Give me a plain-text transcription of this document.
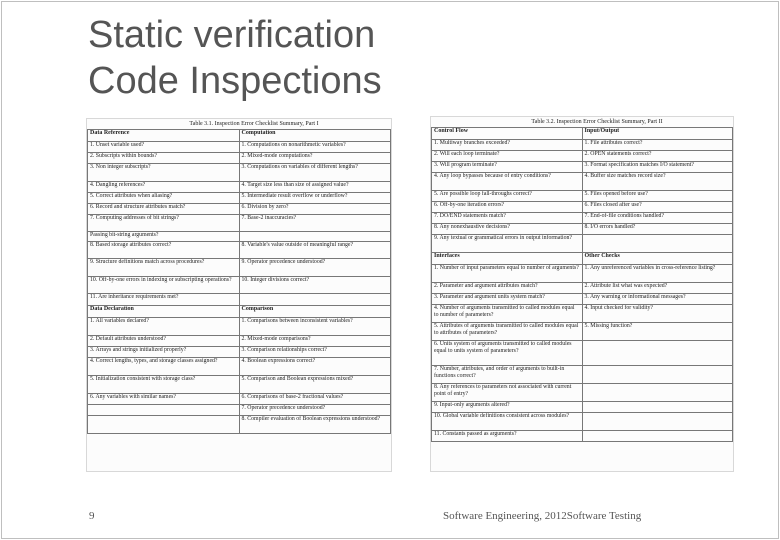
Static verification
Code Inspections
Table 3.1. Inspection Error Checklist Summary, Part I
Data Reference	Computation
1. Unset variable used?	1. Computations on nonarithmetic variables?
2. Subscripts within bounds?	2. Mixed-mode computations?
3. Non integer subscripts?	3. Computations on variables of different lengths?
4. Dangling references?	4. Target size less than size of assigned value?
5. Correct attributes when aliasing?	5. Intermediate result overflow or underflow?
6. Record and structure attributes match?	6. Division by zero?
7. Computing addresses of bit strings?	7. Base-2 inaccuracies?
Passing bit-string arguments?	
8. Based storage attributes correct?	8. Variable's value outside of meaningful range?
9. Structure definitions match across procedures?	9. Operator precedence understood?
10. Off-by-one errors in indexing or subscripting operations?	10. Integer divisions correct?
11. Are inheritance requirements met?	
Data Declaration	Comparison
1. All variables declared?	1. Comparisons between inconsistent variables?
2. Default attributes understood?	2. Mixed-mode comparisons?
3. Arrays and strings initialized properly?	3. Comparison relationships correct?
4. Correct lengths, types, and storage classes assigned?	4. Boolean expressions correct?
5. Initialization consistent with storage class?	5. Comparison and Boolean expressions mixed?
6. Any variables with similar names?	6. Comparisons of base-2 fractional values?
	7. Operator precedence understood?
	8. Compiler evaluation of Boolean expressions understood?
Table 3.2. Inspection Error Checklist Summary, Part II
Control Flow	Input/Output
1. Multiway branches exceeded?	1. File attributes correct?
2. Will each loop terminate?	2. OPEN statements correct?
3. Will program terminate?	3. Format specification matches I/O statement?
4. Any loop bypasses because of entry conditions?	4. Buffer size matches record size?
5. Are possible loop fall-throughs correct?	5. Files opened before use?
6. Off-by-one iteration errors?	6. Files closed after use?
7. DO/END statements match?	7. End-of-file conditions handled?
8. Any nonexhaustive decisions?	8. I/O errors handled?
9. Any textual or grammatical errors in output information?	
Interfaces	Other Checks
1. Number of input parameters equal to number of arguments?	1. Any unreferenced variables in cross-reference listing?
2. Parameter and argument attributes match?	2. Attribute list what was expected?
3. Parameter and argument units system match?	3. Any warning or informational messages?
4. Number of arguments transmitted to called modules equal to number of parameters?	4. Input checked for validity?
5. Attributes of arguments transmitted to called modules equal to attributes of parameters?	5. Missing function?
6. Units system of arguments transmitted to called modules equal to units system of parameters?	
7. Number, attributes, and order of arguments to built-in functions correct?	
8. Any references to parameters not associated with current point of entry?	
9. Input-only arguments altered?	
10. Global variable definitions consistent across modules?	
11. Constants passed as arguments?	
9	Software Engineering, 2012Software Testing
